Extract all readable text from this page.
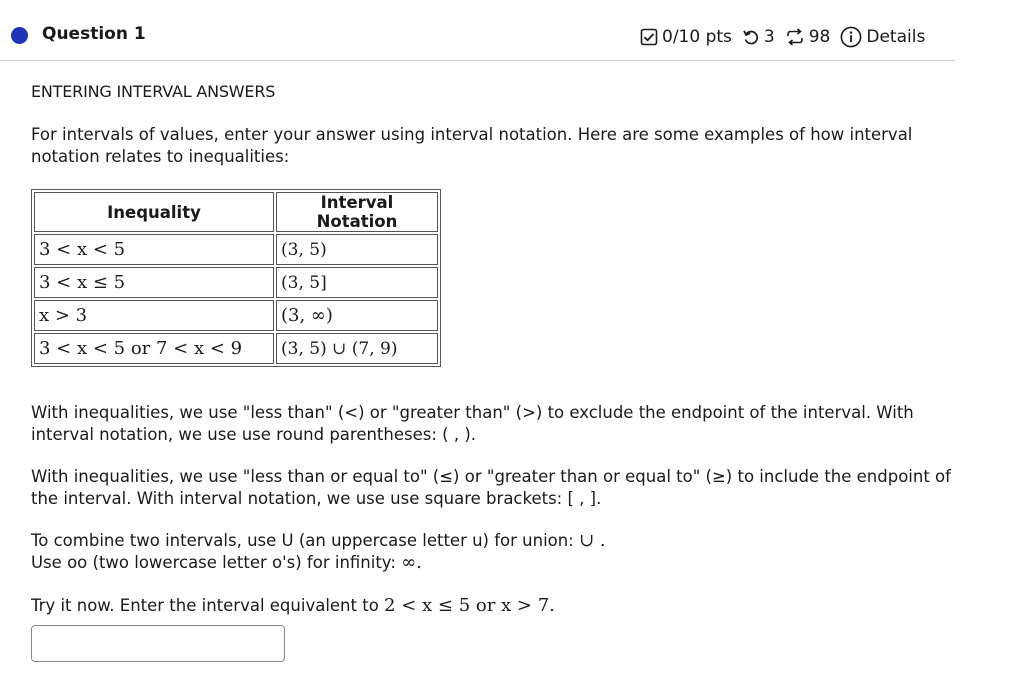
Question 1	0/10 pts 3 98 Details
ENTERING INTERVAL ANSWERS
For intervals of values, enter your answer using interval notation. Here are some examples of how interval notation relates to inequalities:
Inequality	Interval Notation
3 < x < 5	(3, 5)
3 < x ≤ 5	(3, 5]
x > 3	(3, ∞)
3 < x < 5 or 7 < x < 9	(3, 5) ∪ (7, 9)
With inequalities, we use "less than" (<) or "greater than" (>) to exclude the endpoint of the interval. With interval notation, we use use round parentheses: ( , ).
With inequalities, we use "less than or equal to" (≤) or "greater than or equal to" (≥) to include the endpoint of the interval. With interval notation, we use use square brackets: [ , ].
To combine two intervals, use U (an uppercase letter u) for union: ∪ .
Use oo (two lowercase letter o's) for infinity: ∞.
Try it now. Enter the interval equivalent to 2 < x ≤ 5 or x > 7.
